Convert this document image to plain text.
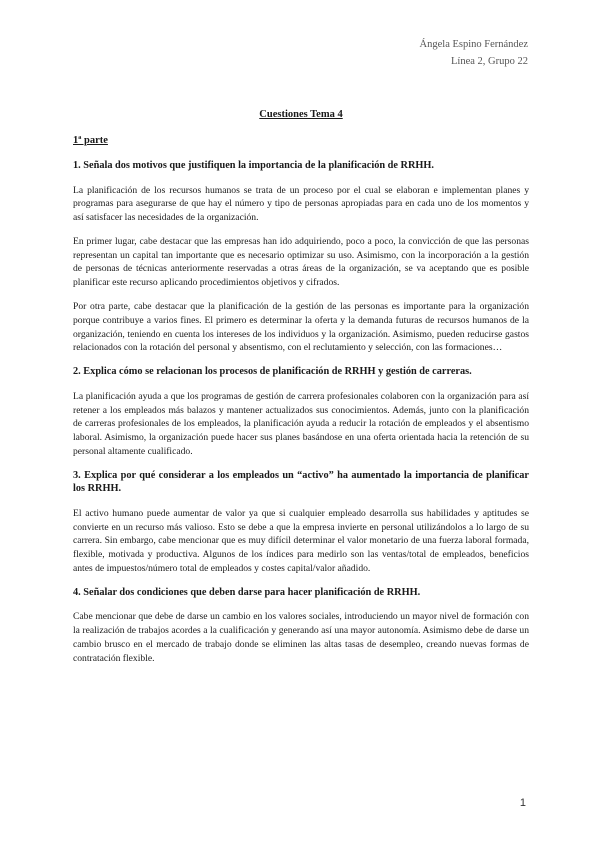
Ángela Espino Fernández
Línea 2, Grupo 22
Cuestiones Tema 4
1ª parte
1. Señala dos motivos que justifiquen la importancia de la planificación de RRHH.

La planificación de los recursos humanos se trata de un proceso por el cual se elaboran e implementan planes y programas para asegurarse de que hay el número y tipo de personas apropiadas para en cada uno de los momentos y así satisfacer las necesidades de la organización.

En primer lugar, cabe destacar que las empresas han ido adquiriendo, poco a poco, la convicción de que las personas representan un capital tan importante que es necesario optimizar su uso. Asimismo, con la incorporación a la gestión de personas de técnicas anteriormente reservadas a otras áreas de la organización, se va aceptando que es posible planificar este recurso aplicando procedimientos objetivos y cifrados.

Por otra parte, cabe destacar que la planificación de la gestión de las personas es importante para la organización porque contribuye a varios fines. El primero es determinar la oferta y la demanda futuras de recursos humanos de la organización, teniendo en cuenta los intereses de los individuos y la organización. Asimismo, pueden reducirse gastos relacionados con la rotación del personal y absentismo, con el reclutamiento y selección, con las formaciones…

2. Explica cómo se relacionan los procesos de planificación de RRHH y gestión de carreras.

La planificación ayuda a que los programas de gestión de carrera profesionales colaboren con la organización para así retener a los empleados más balazos y mantener actualizados sus conocimientos. Además, junto con la planificación de carreras profesionales de los empleados, la planificación ayuda a reducir la rotación de empleados y el absentismo laboral. Asimismo, la organización puede hacer sus planes basándose en una oferta orientada hacia la retención de su personal altamente cualificado.

3. Explica por qué considerar a los empleados un “activo” ha aumentado la importancia de planificar los RRHH.

El activo humano puede aumentar de valor ya que si cualquier empleado desarrolla sus habilidades y aptitudes se convierte en un recurso más valioso. Esto se debe a que la empresa invierte en personal utilizándolos a lo largo de su carrera. Sin embargo, cabe mencionar que es muy difícil determinar el valor monetario de una fuerza laboral formada, flexible, motivada y productiva. Algunos de los índices para medirlo son las ventas/total de empleados, beneficios antes de impuestos/número total de empleados y costes capital/valor añadido.

4. Señalar dos condiciones que deben darse para hacer planificación de RRHH.

Cabe mencionar que debe de darse un cambio en los valores sociales, introduciendo un mayor nivel de formación con la realización de trabajos acordes a la cualificación y generando así una mayor autonomía. Asimismo debe de darse un cambio brusco en el mercado de trabajo donde se eliminen las altas tasas de desempleo, creando nuevas formas de contratación flexible.

1
